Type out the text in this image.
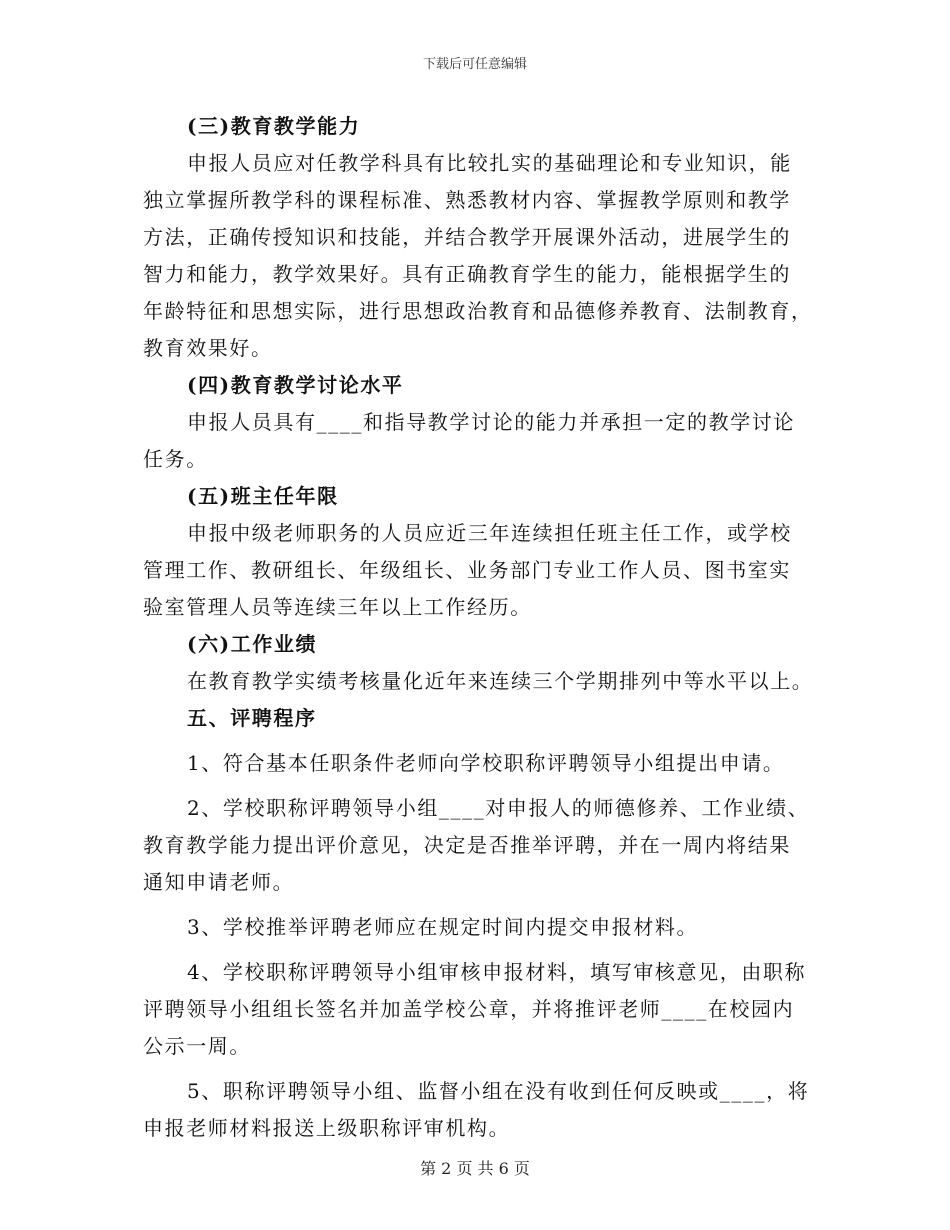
下载后可任意编辑
(三)教育教学能力
申报人员应对任教学科具有比较扎实的基础理论和专业知识，能
独立掌握所教学科的课程标准、熟悉教材内容、掌握教学原则和教学
方法，正确传授知识和技能，并结合教学开展课外活动，进展学生的
智力和能力，教学效果好。具有正确教育学生的能力，能根据学生的
年龄特征和思想实际，进行思想政治教育和品德修养教育、法制教育，
教育效果好。
(四)教育教学讨论水平
申报人员具有____和指导教学讨论的能力并承担一定的教学讨论
任务。
(五)班主任年限
申报中级老师职务的人员应近三年连续担任班主任工作，或学校
管理工作、教研组长、年级组长、业务部门专业工作人员、图书室实
验室管理人员等连续三年以上工作经历。
(六)工作业绩
在教育教学实绩考核量化近年来连续三个学期排列中等水平以上。
五、评聘程序
1、符合基本任职条件老师向学校职称评聘领导小组提出申请。
2、学校职称评聘领导小组____对申报人的师德修养、工作业绩、
教育教学能力提出评价意见，决定是否推举评聘，并在一周内将结果
通知申请老师。
3、学校推举评聘老师应在规定时间内提交申报材料。
4、学校职称评聘领导小组审核申报材料，填写审核意见，由职称
评聘领导小组组长签名并加盖学校公章，并将推评老师____在校园内
公示一周。
5、职称评聘领导小组、监督小组在没有收到任何反映或____，将
申报老师材料报送上级职称评审机构。
第 2 页 共 6 页
